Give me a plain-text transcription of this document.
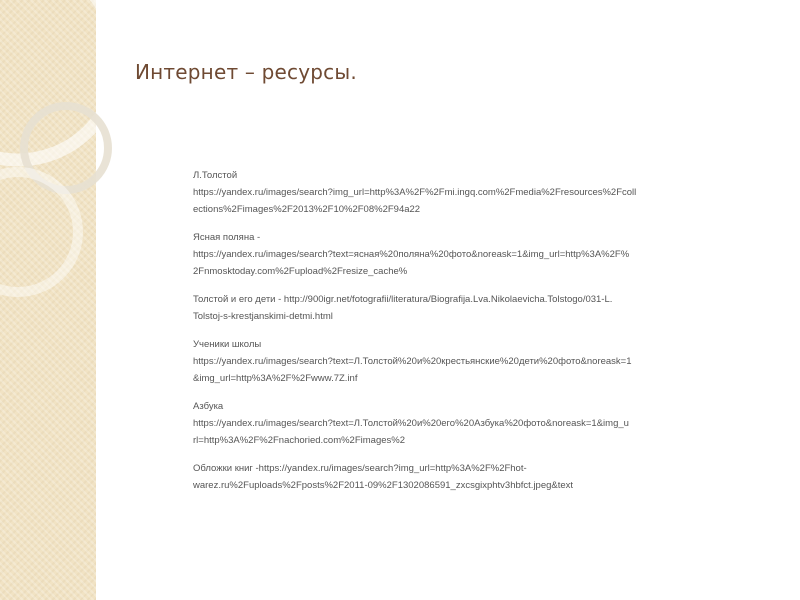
Интернет – ресурсы.
Л.Толстой
https://yandex.ru/images/search?img_url=http%3A%2F%2Fmi.ingq.com%2Fmedia%2Fresources%2Fcoll
ections%2Fimages%2F2013%2F10%2F08%2F94a22
Ясная поляна -
https://yandex.ru/images/search?text=ясная%20поляна%20фото&noreask=1&img_url=http%3A%2F%
2Fnmosktoday.com%2Fupload%2Fresize_cache%
Толстой и его дети - http://900igr.net/fotografii/literatura/Biografija.Lva.Nikolaevicha.Tolstogo/031-L.
Tolstoj-s-krestjanskimi-detmi.html
Ученики школы
https://yandex.ru/images/search?text=Л.Толстой%20и%20крестьянские%20дети%20фото&noreask=1
&img_url=http%3A%2F%2Fwww.7Z.inf
Азбука
https://yandex.ru/images/search?text=Л.Толстой%20и%20его%20Азбука%20фото&noreask=1&img_u
rl=http%3A%2F%2Fnachoried.com%2Fimages%2
Обложки книг -https://yandex.ru/images/search?img_url=http%3A%2F%2Fhot-
warez.ru%2Fuploads%2Fposts%2F2011-09%2F1302086591_zxcsgixphtv3hbfct.jpeg&text
